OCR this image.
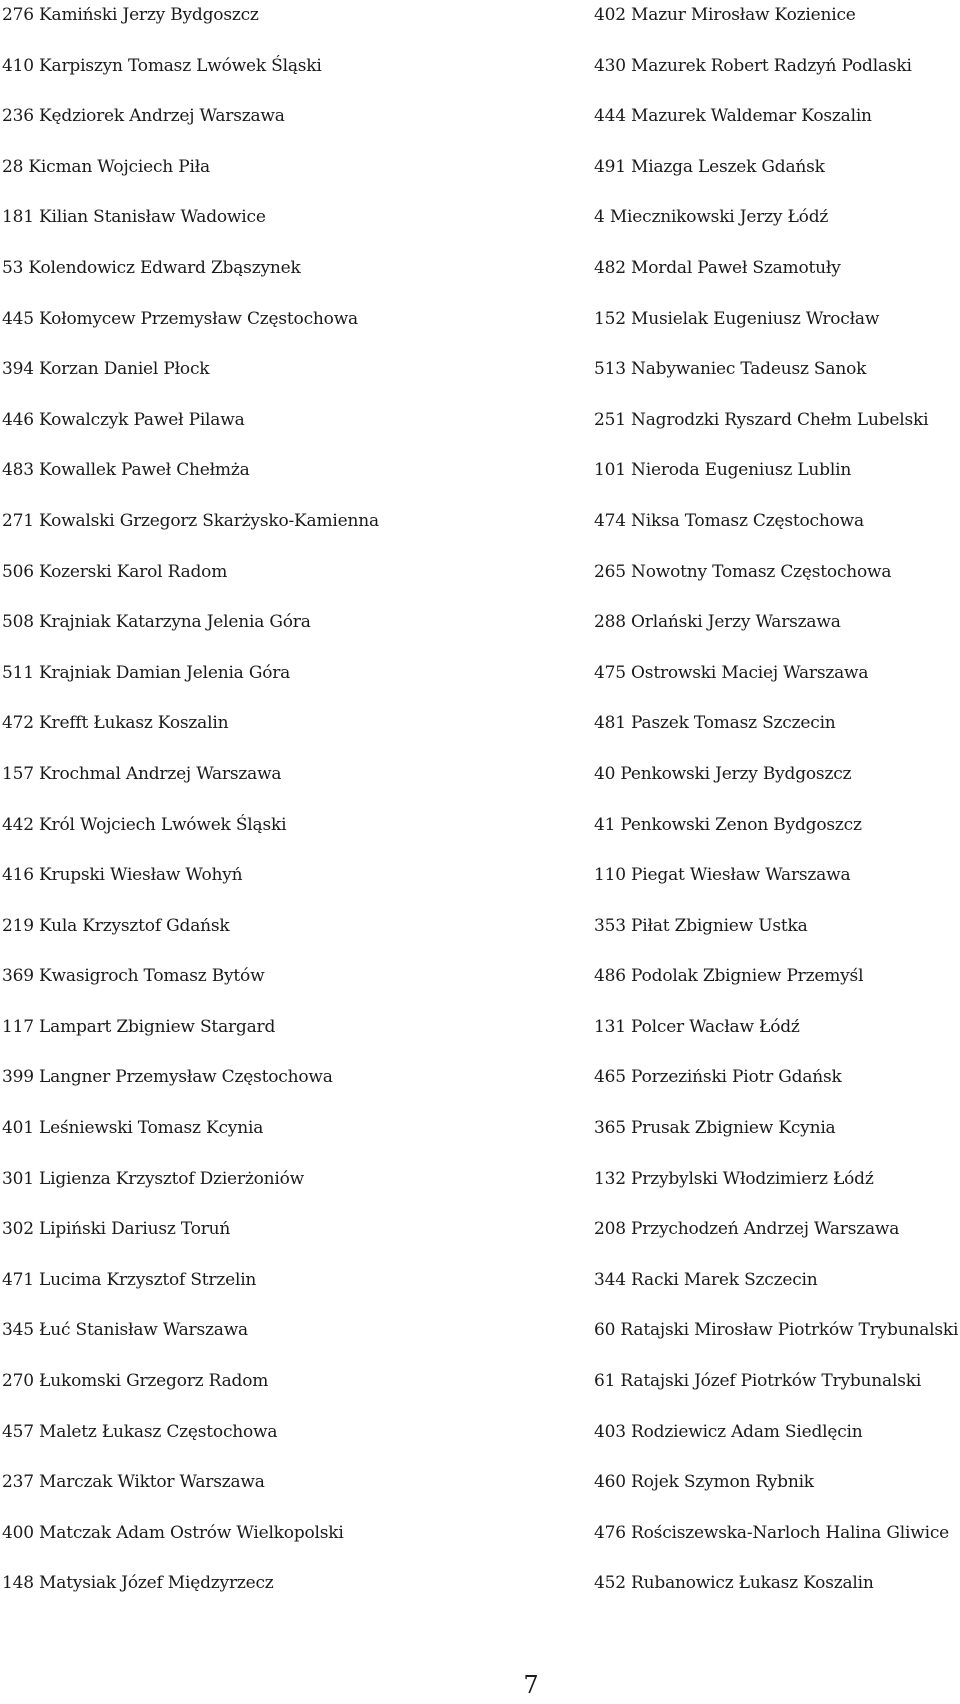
276 Kamiński Jerzy Bydgoszcz
410 Karpiszyn Tomasz Lwówek Śląski
236 Kędziorek Andrzej Warszawa
28 Kicman Wojciech Piła
181 Kilian Stanisław Wadowice
53 Kolendowicz Edward Zbąszynek
445 Kołomycew Przemysław Częstochowa
394 Korzan Daniel Płock
446 Kowalczyk Paweł Pilawa
483 Kowallek Paweł Chełmża
271 Kowalski Grzegorz Skarżysko-Kamienna
506 Kozerski Karol Radom
508 Krajniak Katarzyna Jelenia Góra
511 Krajniak Damian Jelenia Góra
472 Krefft Łukasz Koszalin
157 Krochmal Andrzej Warszawa
442 Król Wojciech Lwówek Śląski
416 Krupski Wiesław Wohyń
219 Kula Krzysztof Gdańsk
369 Kwasigroch Tomasz Bytów
117 Lampart Zbigniew Stargard
399 Langner Przemysław Częstochowa
401 Leśniewski Tomasz Kcynia
301 Ligienza Krzysztof Dzierżoniów
302 Lipiński Dariusz Toruń
471 Lucima Krzysztof Strzelin
345 Łuć Stanisław Warszawa
270 Łukomski Grzegorz Radom
457 Maletz Łukasz Częstochowa
237 Marczak Wiktor Warszawa
400 Matczak Adam Ostrów Wielkopolski
148 Matysiak Józef Międzyrzecz
402 Mazur Mirosław Kozienice
430 Mazurek Robert Radzyń Podlaski
444 Mazurek Waldemar Koszalin
491 Miazga Leszek Gdańsk
4 Miecznikowski Jerzy Łódź
482 Mordal Paweł Szamotuły
152 Musielak Eugeniusz Wrocław
513 Nabywaniec Tadeusz Sanok
251 Nagrodzki Ryszard Chełm Lubelski
101 Nieroda Eugeniusz Lublin
474 Niksa Tomasz Częstochowa
265 Nowotny Tomasz Częstochowa
288 Orlański Jerzy Warszawa
475 Ostrowski Maciej Warszawa
481 Paszek Tomasz Szczecin
40 Penkowski Jerzy Bydgoszcz
41 Penkowski Zenon Bydgoszcz
110 Piegat Wiesław Warszawa
353 Piłat Zbigniew Ustka
486 Podolak Zbigniew Przemyśl
131 Polcer Wacław Łódź
465 Porzeziński Piotr Gdańsk
365 Prusak Zbigniew Kcynia
132 Przybylski Włodzimierz Łódź
208 Przychodzeń Andrzej Warszawa
344 Racki Marek Szczecin
60 Ratajski Mirosław Piotrków Trybunalski
61 Ratajski Józef Piotrków Trybunalski
403 Rodziewicz Adam Siedlęcin
460 Rojek Szymon Rybnik
476 Rościszewska-Narloch Halina Gliwice
452 Rubanowicz Łukasz Koszalin
7
